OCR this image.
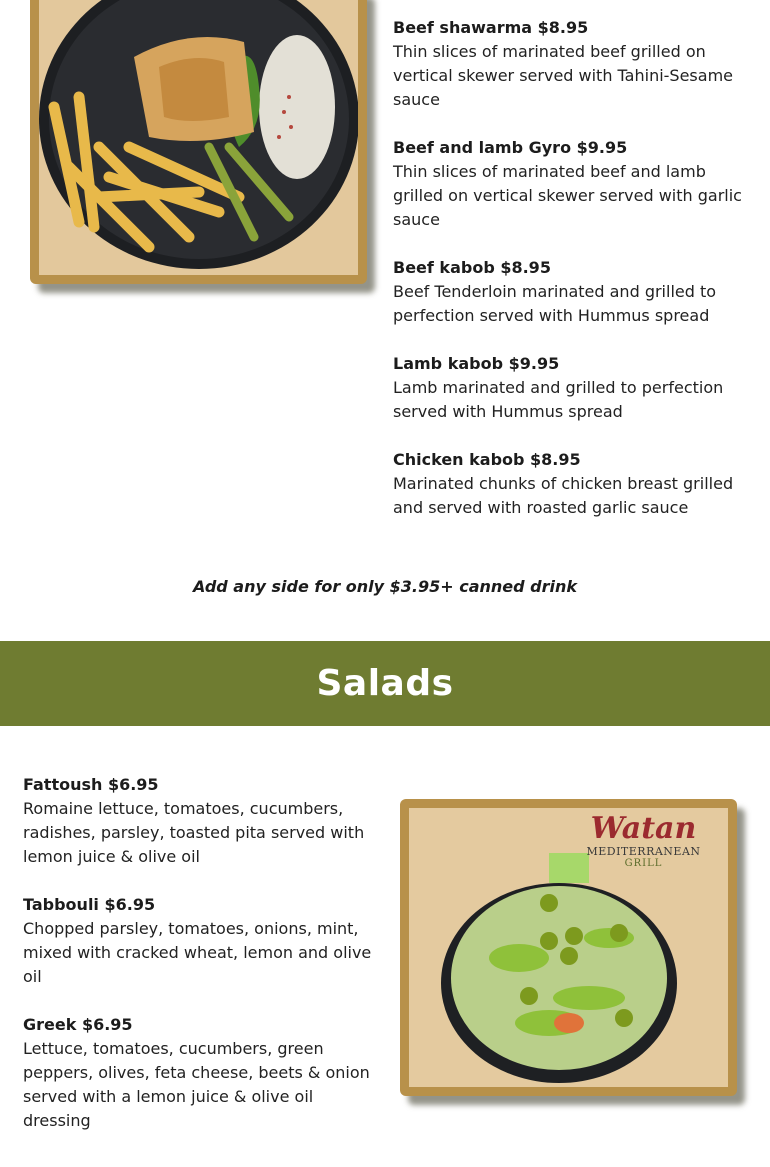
Beef shawarma $8.95
Thin slices of marinated beef grilled on vertical skewer served with Tahini-Sesame sauce
Beef and lamb Gyro $9.95
Thin slices of marinated beef and lamb grilled on vertical skewer served with garlic sauce
Beef kabob $8.95
Beef Tenderloin marinated and grilled to perfection served with Hummus spread
Lamb kabob $9.95
Lamb marinated and grilled to perfection served with Hummus spread
Chicken kabob $8.95
Marinated chunks of chicken breast grilled and served with roasted garlic sauce
Add any side for only $3.95+ canned drink
Salads
Fattoush $6.95
Romaine lettuce, tomatoes, cucumbers, radishes, parsley, toasted pita served with lemon juice & olive oil
Tabbouli $6.95
Chopped parsley, tomatoes, onions, mint, mixed with cracked wheat, lemon and olive oil
Greek $6.95
Lettuce, tomatoes, cucumbers, green peppers, olives, feta cheese, beets & onion served with a lemon juice & olive oil dressing
Watan
MEDITERRANEAN
GRILL
